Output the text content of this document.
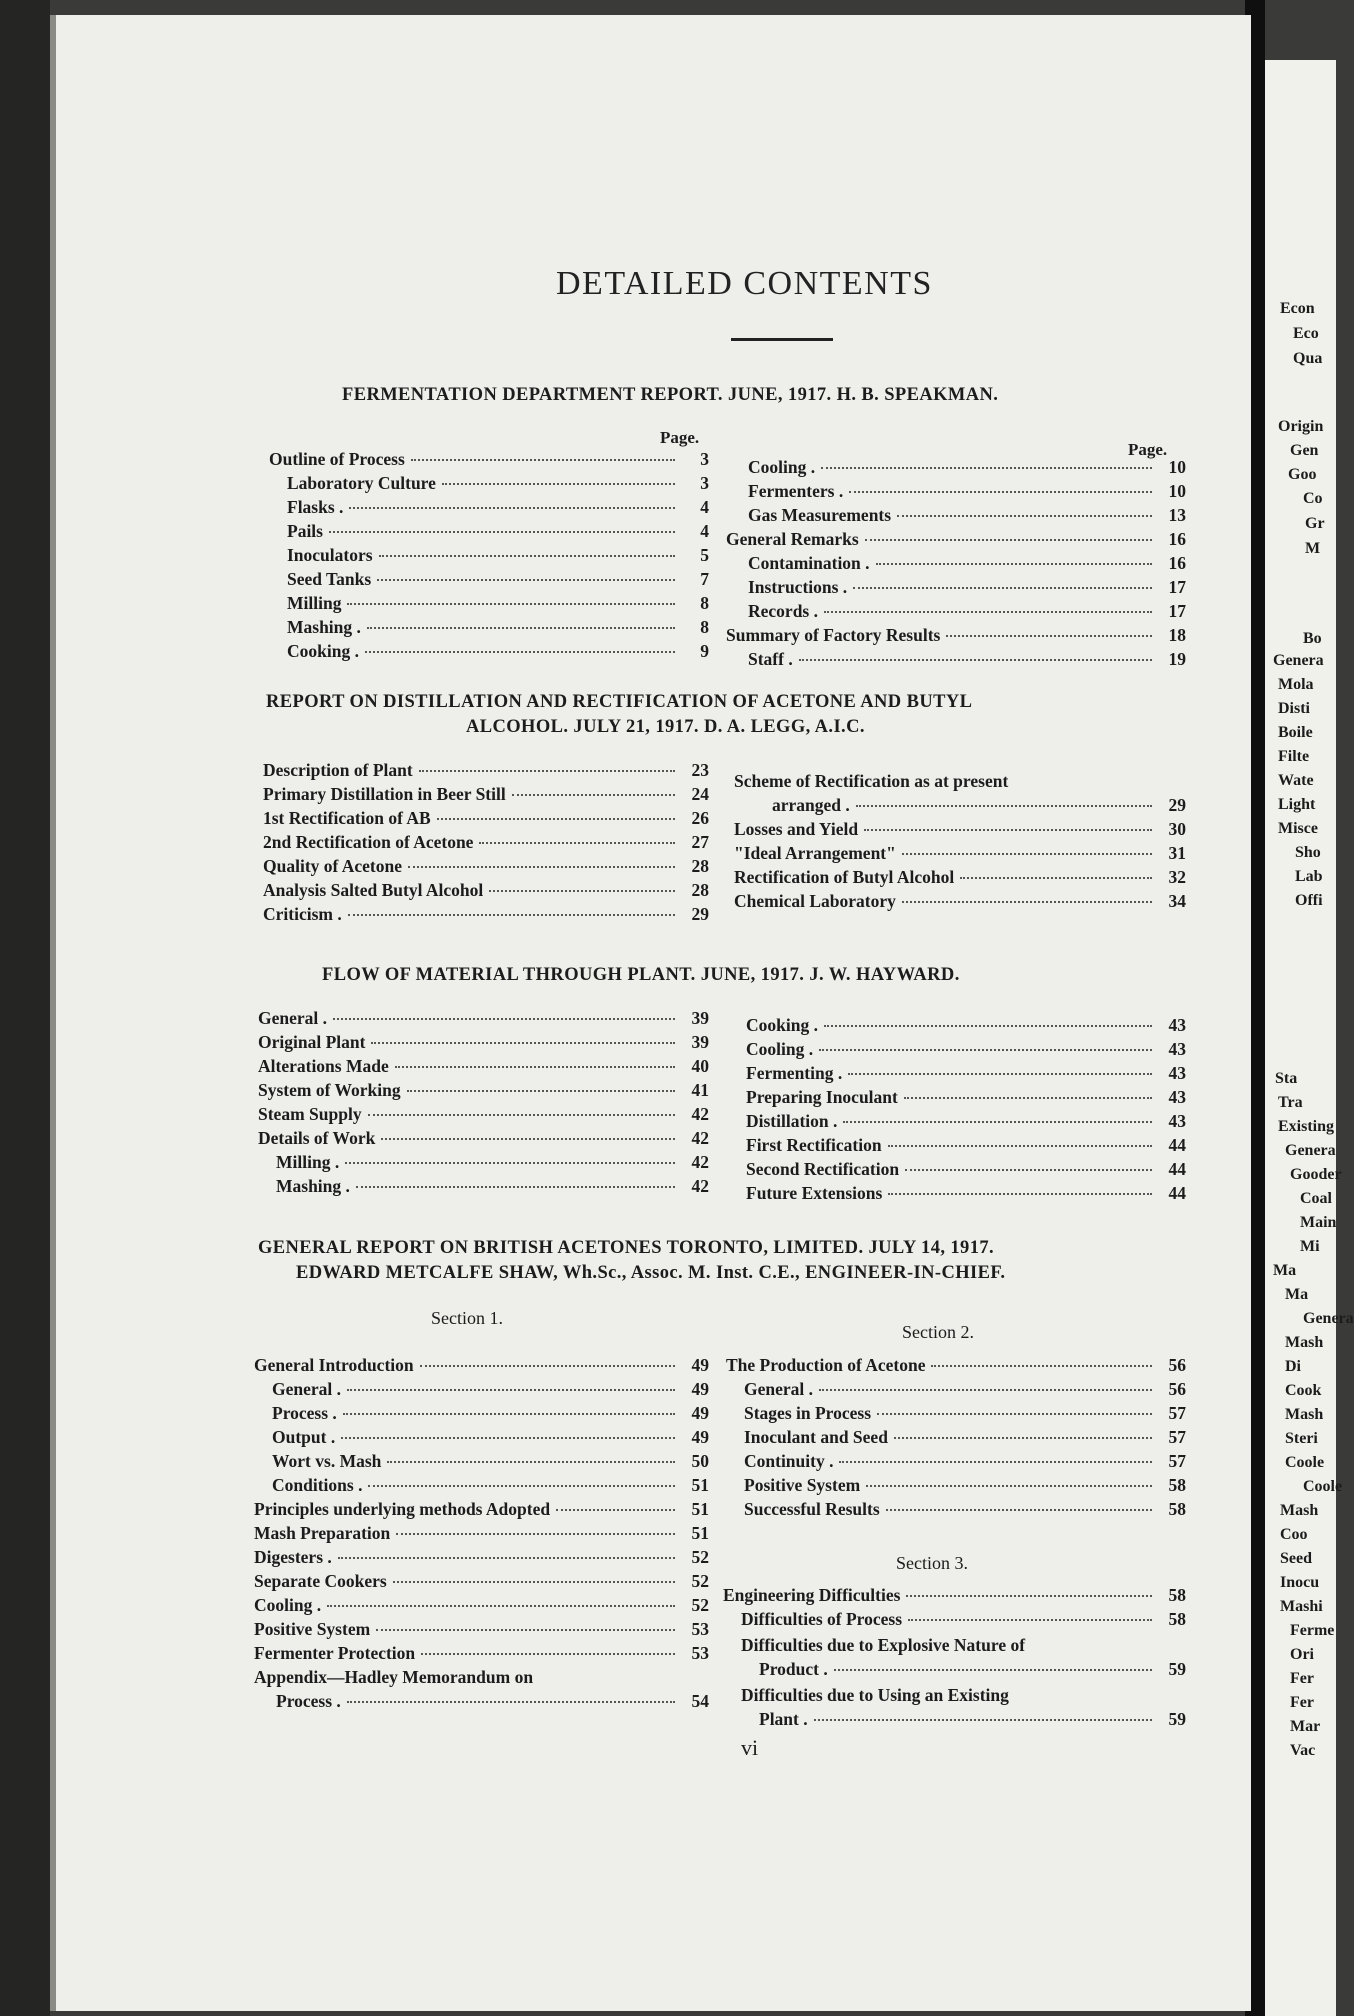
Econ
Eco
Qua
Origin
Gen
Goo
Co
Gr
M
Bo
Genera
Mola
Disti
Boile
Filte
Wate
Light
Misce
Sho
Lab
Offi
Sta
Tra
Existing
Genera
Gooder
Coal
Main
Mi
Ma
Ma
Genera
Mash
Di
Cook
Mash
Steri
Coole
Coole
Mash
Coo
Seed
Inocu
Mashi
Ferme
Ori
Fer
Fer
Mar
Vac
DETAILED CONTENTS
FERMENTATION DEPARTMENT REPORT. JUNE, 1917. H. B. SPEAKMAN.
Page.
Page.
Outline of Process	3
Laboratory Culture	3
Flasks .	4
Pails	4
Inoculators	5
Seed Tanks	7
Milling	8
Mashing .	8
Cooking .	9
Cooling .	10
Fermenters .	10
Gas Measurements	13
General Remarks	16
Contamination .	16
Instructions .	17
Records .	17
Summary of Factory Results	18
Staff .	19
REPORT ON DISTILLATION AND RECTIFICATION OF ACETONE AND BUTYL
ALCOHOL. JULY 21, 1917. D. A. LEGG, A.I.C.
Description of Plant	23
Primary Distillation in Beer Still	24
1st Rectification of AB	26
2nd Rectification of Acetone	27
Quality of Acetone	28
Analysis Salted Butyl Alcohol	28
Criticism .	29
Scheme of Rectification as at present
arranged .	29
Losses and Yield	30
"Ideal Arrangement"	31
Rectification of Butyl Alcohol	32
Chemical Laboratory	34
FLOW OF MATERIAL THROUGH PLANT. JUNE, 1917. J. W. HAYWARD.
General .	39
Original Plant	39
Alterations Made	40
System of Working	41
Steam Supply	42
Details of Work	42
Milling .	42
Mashing .	42
Cooking .	43
Cooling .	43
Fermenting .	43
Preparing Inoculant	43
Distillation .	43
First Rectification	44
Second Rectification	44
Future Extensions	44
GENERAL REPORT ON BRITISH ACETONES TORONTO, LIMITED. JULY 14, 1917.
EDWARD METCALFE SHAW, Wh.Sc., Assoc. M. Inst. C.E., ENGINEER-IN-CHIEF.
Section 1.
Section 2.
Section 3.
General Introduction	49
General .	49
Process .	49
Output .	49
Wort vs. Mash	50
Conditions .	51
Principles underlying methods Adopted	51
Mash Preparation	51
Digesters .	52
Separate Cookers	52
Cooling .	52
Positive System	53
Fermenter Protection	53
Appendix—Hadley Memorandum on
Process .	54
The Production of Acetone	56
General .	56
Stages in Process	57
Inoculant and Seed	57
Continuity .	57
Positive System	58
Successful Results	58
Engineering Difficulties	58
Difficulties of Process	58
Difficulties due to Explosive Nature of
Product .	59
Difficulties due to Using an Existing
Plant .	59
vi
